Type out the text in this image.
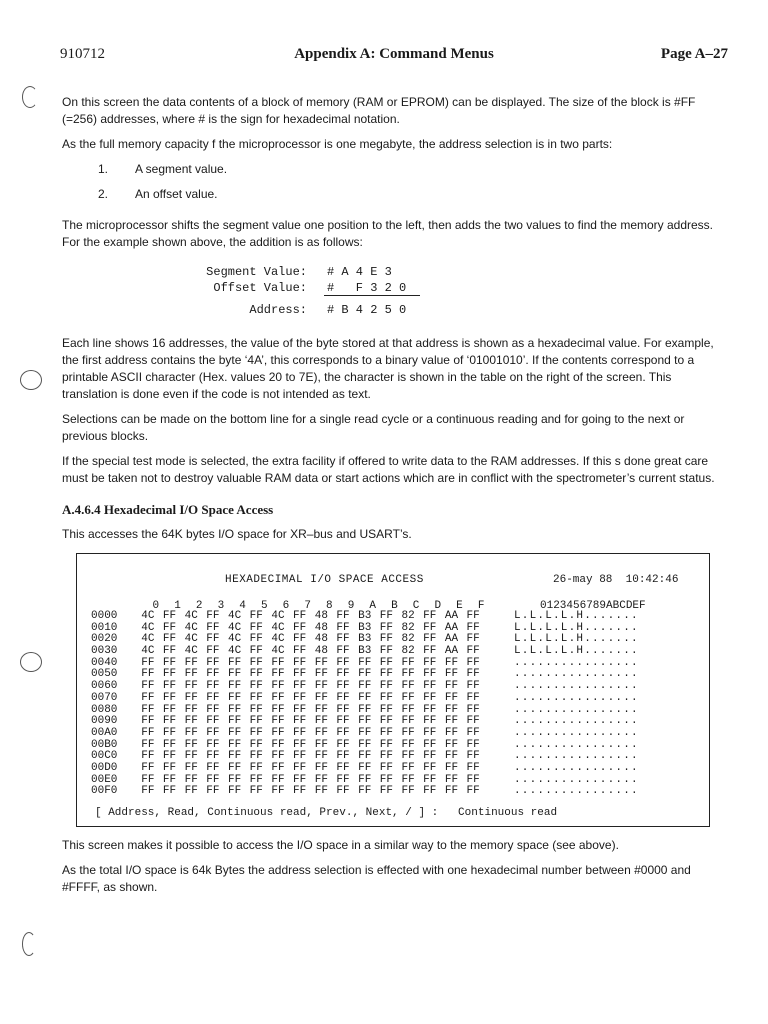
910712	Appendix A: Command Menus	Page A–27

On this screen the data contents of a block of memory (RAM or EPROM) can be displayed. The size of the block is #FF (=256) addresses, where # is the sign for hexadecimal notation.

As the full memory capacity f the microprocessor is one megabyte, the address selection is in two parts:

1. A segment value.
2. An offset value.

The microprocessor shifts the segment value one position to the left, then adds the two values to find the memory address. For the example shown above, the addition is as follows:

Segment Value: # A 4 E 3
Offset Value: #   F 3 2 0
Address: # B 4 2 5 0

Each line shows 16 addresses, the value of the byte stored at that address is shown as a hexadecimal value. For example, the first address contains the byte ‘4A’, this corresponds to a binary value of ‘01001010’. If the contents correspond to a printable ASCII character (Hex. values 20 to 7E), the character is shown in the table on the right of the screen. This translation is done even if the code is not intended as text.

Selections can be made on the bottom line for a single read cycle or a continuous reading and for going to the next or previous blocks.

If the special test mode is selected, the extra facility if offered to write data to the RAM addresses. If this s done great care must be taken not to destroy valuable RAM data or start actions which are in conflict with the spectrometer’s current status.

A.4.6.4 Hexadecimal I/O Space Access

This accesses the 64K bytes I/O space for XR–bus and USART’s.

HEXADECIMAL I/O SPACE ACCESS	26-may 88  10:42:46
0	1	2	3	4	5	6	7	8	9	A	B	C	D	E	F	0123456789ABCDEF
0000	4C FF 4C FF 4C FF 4C FF 48 FF B3 FF 82 FF AA FF	L.L.L.L.H.......
0010	4C FF 4C FF 4C FF 4C FF 48 FF B3 FF 82 FF AA FF	L.L.L.L.H.......
0020	4C FF 4C FF 4C FF 4C FF 48 FF B3 FF 82 FF AA FF	L.L.L.L.H.......
0030	4C FF 4C FF 4C FF 4C FF 48 FF B3 FF 82 FF AA FF	L.L.L.L.H.......
0040	FF FF FF FF FF FF FF FF FF FF FF FF FF FF FF FF	................
0050	FF FF FF FF FF FF FF FF FF FF FF FF FF FF FF FF	................
0060	FF FF FF FF FF FF FF FF FF FF FF FF FF FF FF FF	................
0070	FF FF FF FF FF FF FF FF FF FF FF FF FF FF FF FF	................
0080	FF FF FF FF FF FF FF FF FF FF FF FF FF FF FF FF	................
0090	FF FF FF FF FF FF FF FF FF FF FF FF FF FF FF FF	................
00A0	FF FF FF FF FF FF FF FF FF FF FF FF FF FF FF FF	................
00B0	FF FF FF FF FF FF FF FF FF FF FF FF FF FF FF FF	................
00C0	FF FF FF FF FF FF FF FF FF FF FF FF FF FF FF FF	................
00D0	FF FF FF FF FF FF FF FF FF FF FF FF FF FF FF FF	................
00E0	FF FF FF FF FF FF FF FF FF FF FF FF FF FF FF FF	................
00F0	FF FF FF FF FF FF FF FF FF FF FF FF FF FF FF FF	................
[ Address, Read, Continuous read, Prev., Next, / ] :   Continuous read

This screen makes it possible to access the I/O space in a similar way to the memory space (see above).

As the total I/O space is 64k Bytes the address selection is effected with one hexadecimal number between #0000 and #FFFF, as shown.
